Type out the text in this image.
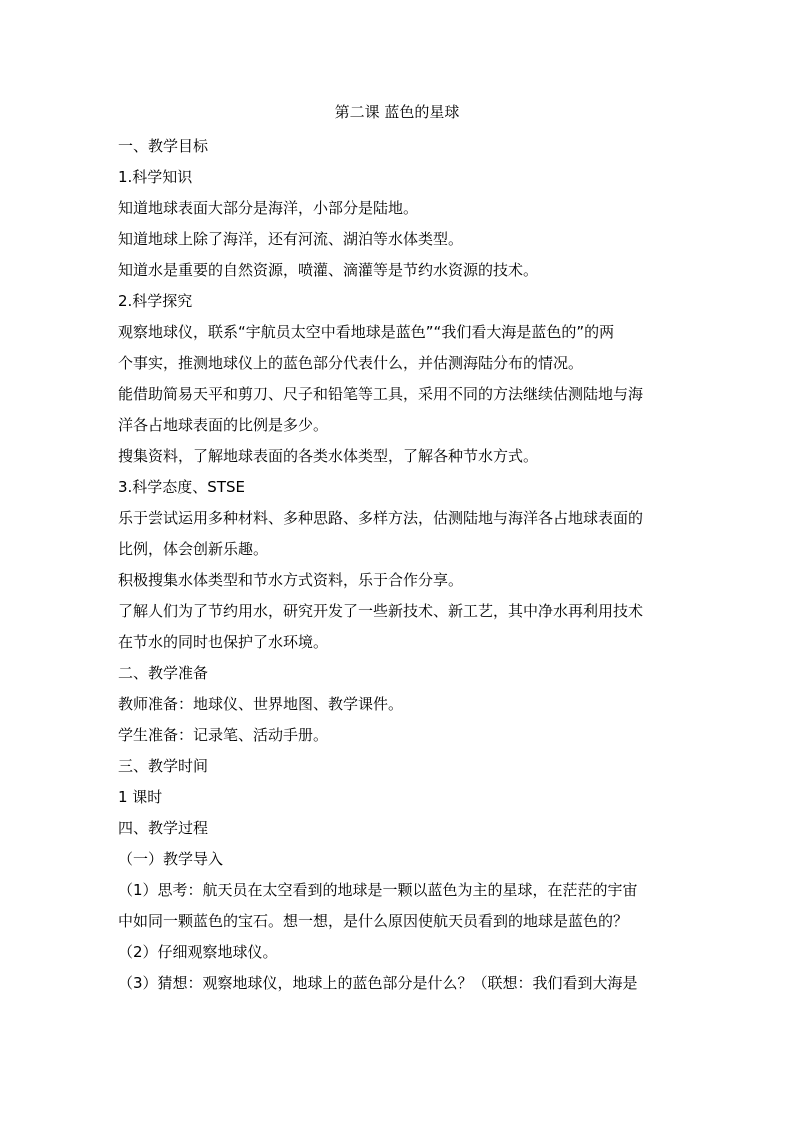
第二课 蓝色的星球
一、教学目标
1.科学知识
知道地球表面大部分是海洋，小部分是陆地。
知道地球上除了海洋，还有河流、湖泊等水体类型。
知道水是重要的自然资源，喷灌、滴灌等是节约水资源的技术。
2.科学探究
观察地球仪，联系“宇航员太空中看地球是蓝色”“我们看大海是蓝色的”的两
个事实，推测地球仪上的蓝色部分代表什么，并估测海陆分布的情况。
能借助简易天平和剪刀、尺子和铅笔等工具，采用不同的方法继续估测陆地与海
洋各占地球表面的比例是多少。
搜集资料，了解地球表面的各类水体类型，了解各种节水方式。
3.科学态度、STSE
乐于尝试运用多种材料、多种思路、多样方法，估测陆地与海洋各占地球表面的
比例，体会创新乐趣。
积极搜集水体类型和节水方式资料，乐于合作分享。
了解人们为了节约用水，研究开发了一些新技术、新工艺，其中净水再利用技术
在节水的同时也保护了水环境。
二、教学准备
教师准备：地球仪、世界地图、教学课件。
学生准备：记录笔、活动手册。
三、教学时间
1 课时
四、教学过程
（一）教学导入
（1）思考：航天员在太空看到的地球是一颗以蓝色为主的星球，在茫茫的宇宙
中如同一颗蓝色的宝石。想一想，是什么原因使航天员看到的地球是蓝色的？
（2）仔细观察地球仪。
（3）猜想：观察地球仪，地球上的蓝色部分是什么？（联想：我们看到大海是
